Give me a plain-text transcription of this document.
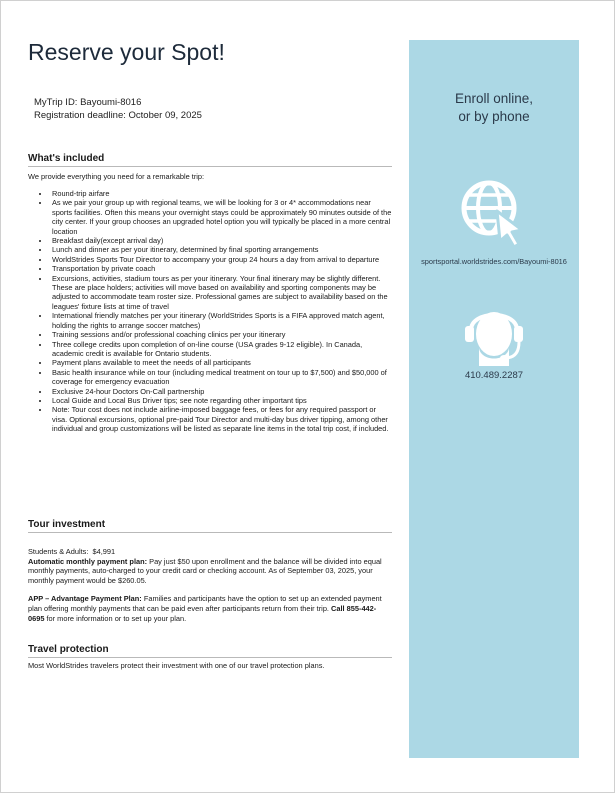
Reserve your Spot!
MyTrip ID: Bayoumi-8016
Registration deadline: October 09, 2025
What's included
We provide everything you need for a remarkable trip:
• Round-trip airfare
• As we pair your group up with regional teams, we will be looking for 3 or 4* accommodations near sports facilities. Often this means your overnight stays could be approximately 90 minutes outside of the city center. If your group chooses an upgraded hotel option you will typically be placed in a more central location
• Breakfast daily(except arrival day)
• Lunch and dinner as per your itinerary, determined by final sporting arrangements
• WorldStrides Sports Tour Director to accompany your group 24 hours a day from arrival to departure
• Transportation by private coach
• Excursions, activities, stadium tours as per your itinerary. Your final itinerary may be slightly different. These are place holders; activities will move based on availability and sporting components may be adjusted to accommodate team roster size. Professional games are subject to availability based on the leagues' fixture lists at time of travel
• International friendly matches per your itinerary (WorldStrides Sports is a FIFA approved match agent, holding the rights to arrange soccer matches)
• Training sessions and/or professional coaching clinics per your itinerary
• Three college credits upon completion of on-line course (USA grades 9-12 eligible). In Canada, academic credit is available for Ontario students.
• Payment plans available to meet the needs of all participants
• Basic health insurance while on tour (including medical treatment on tour up to $7,500) and $50,000 of coverage for emergency evacuation
• Exclusive 24-hour Doctors On-Call partnership
• Local Guide and Local Bus Driver tips; see note regarding other important tips
• Note: Tour cost does not include airline-imposed baggage fees, or fees for any required passport or visa. Optional excursions, optional pre-paid Tour Director and multi-day bus driver tipping, among other individual and group customizations will be listed as separate line items in the total trip cost, if included.
Tour investment

Students & Adults: $4,991

Automatic monthly payment plan: Pay just $50 upon enrollment and the balance will be divided into equal monthly payments, auto-charged to your credit card or checking account. As of September 03, 2025, your monthly payment would be $260.05.

APP – Advantage Payment Plan: Families and participants have the option to set up an extended payment plan offering monthly payments that can be paid even after participants return from their trip. Call 855-442-0695 for more information or to set up your plan.

Travel protection
Most WorldStrides travelers protect their investment with one of our travel protection plans.
Enroll online,
or by phone
sportsportal.worldstrides.com/Bayoumi-8016
410.489.2287
